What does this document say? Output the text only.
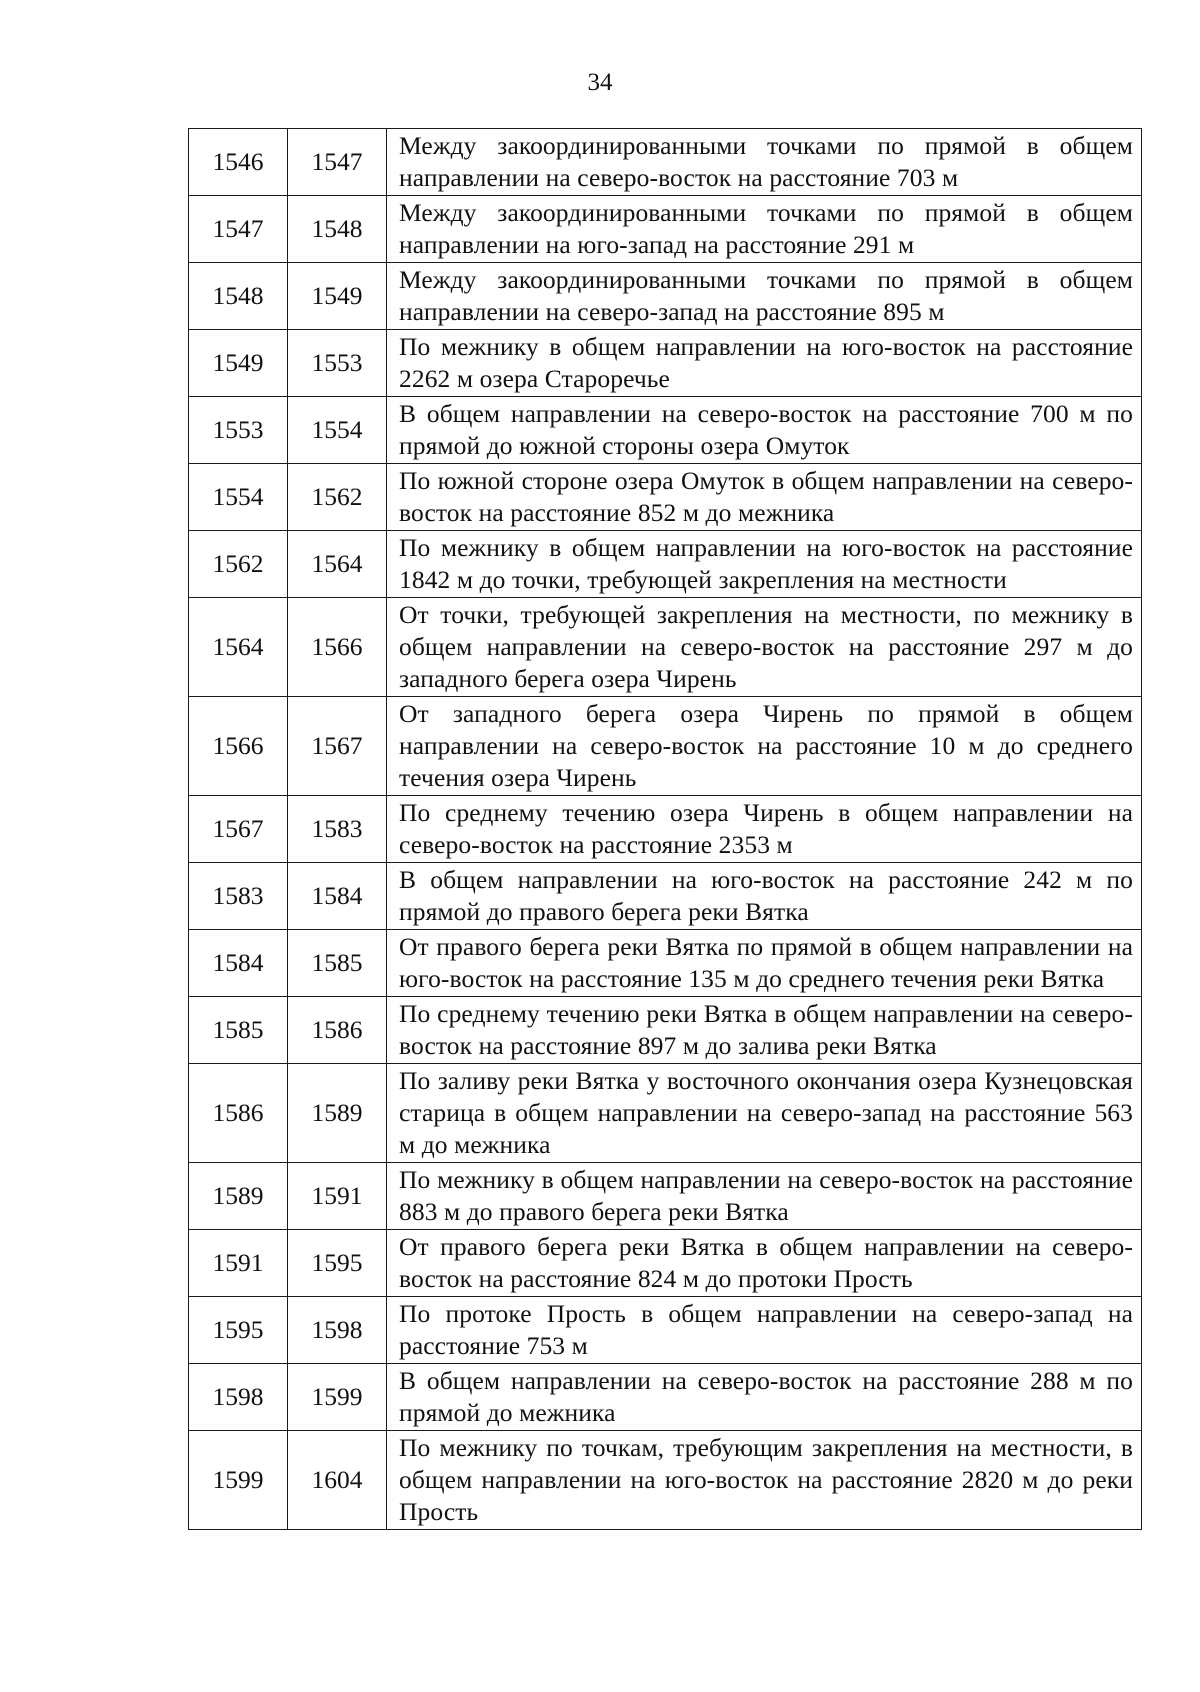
34
1546	1547	Между закоординированными точками по прямой в общем направлении на северо-восток на расстояние 703 м
1547	1548	Между закоординированными точками по прямой в общем направлении на юго-запад на расстояние 291 м
1548	1549	Между закоординированными точками по прямой в общем направлении на северо-запад на расстояние 895 м
1549	1553	По межнику в общем направлении на юго-восток на расстояние 2262 м озера Староречье
1553	1554	В общем направлении на северо-восток на расстояние 700 м по прямой до южной стороны озера Омуток
1554	1562	По южной стороне озера Омуток в общем направлении на северо-восток на расстояние 852 м до межника
1562	1564	По межнику в общем направлении на юго-восток на расстояние 1842 м до точки, требующей закрепления на местности
1564	1566	От точки, требующей закрепления на местности, по межнику в общем направлении на северо-восток на расстояние 297 м до западного берега озера Чирень
1566	1567	От западного берега озера Чирень по прямой в общем направлении на северо-восток на расстояние 10 м до среднего течения озера Чирень
1567	1583	По среднему течению озера Чирень в общем направлении на северо-восток на расстояние 2353 м
1583	1584	В общем направлении на юго-восток на расстояние 242 м по прямой до правого берега реки Вятка
1584	1585	От правого берега реки Вятка по прямой в общем направлении на юго-восток на расстояние 135 м до среднего течения реки Вятка
1585	1586	По среднему течению реки Вятка в общем направлении на северо-восток на расстояние 897 м до залива реки Вятка
1586	1589	По заливу реки Вятка у восточного окончания озера Кузнецовская старица в общем направлении на северо-запад на расстояние 563 м до межника
1589	1591	По межнику в общем направлении на северо-восток на расстояние 883 м до правого берега реки Вятка
1591	1595	От правого берега реки Вятка в общем направлении на северо-восток на расстояние 824 м до протоки Прость
1595	1598	По протоке Прость в общем направлении на северо-запад на расстояние 753 м
1598	1599	В общем направлении на северо-восток на расстояние 288 м по прямой до межника
1599	1604	По межнику по точкам, требующим закрепления на местности, в общем направлении на юго-восток на расстояние 2820 м до реки Прость
